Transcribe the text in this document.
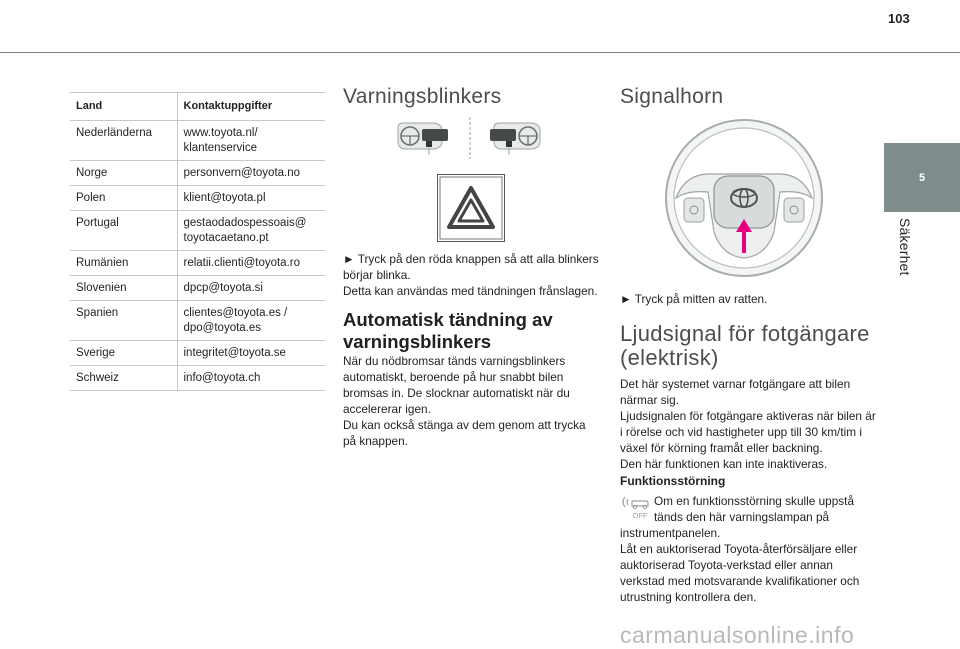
103
5
Säkerhet
Land	Kontaktuppgifter
Nederländerna	www.toyota.nl/
klantenservice
Norge	personvern@toyota.no
Polen	klient@toyota.pl
Portugal	gestaodadospessoais@
toyotacaetano.pt
Rumänien	relatii.clienti@toyota.ro
Slovenien	dpcp@toyota.si
Spanien	clientes@toyota.es /
dpo@toyota.es
Sverige	integritet@toyota.se
Schweiz	info@toyota.ch
Varningsblinkers
► Tryck på den röda knappen så att alla blinkers börjar blinka.
Detta kan användas med tändningen frånslagen.
Automatisk tändning av
varningsblinkers
När du nödbromsar tänds varningsblinkers automatiskt, beroende på hur snabbt bilen bromsas in. De slocknar automatiskt när du accelererar igen.
Du kan också stänga av dem genom att trycka på knappen.
Signalhorn
► Tryck på mitten av ratten.
Ljudsignal för fotgängare
(elektrisk)
Det här systemet varnar fotgängare att bilen närmar sig.
Ljudsignalen för fotgängare aktiveras när bilen är i rörelse och vid hastigheter upp till 30 km/tim i växel för körning framåt eller backning.
Den här funktionen kan inte inaktiveras.
Funktionsstörning
OFF
Om en funktionsstörning skulle uppstå
tänds den här varningslampan på
instrumentpanelen.
Låt en auktoriserad Toyota-återförsäljare eller auktoriserad Toyota-verkstad eller annan verkstad med motsvarande kvalifikationer och utrustning kontrollera den.
carmanualsonline.info
